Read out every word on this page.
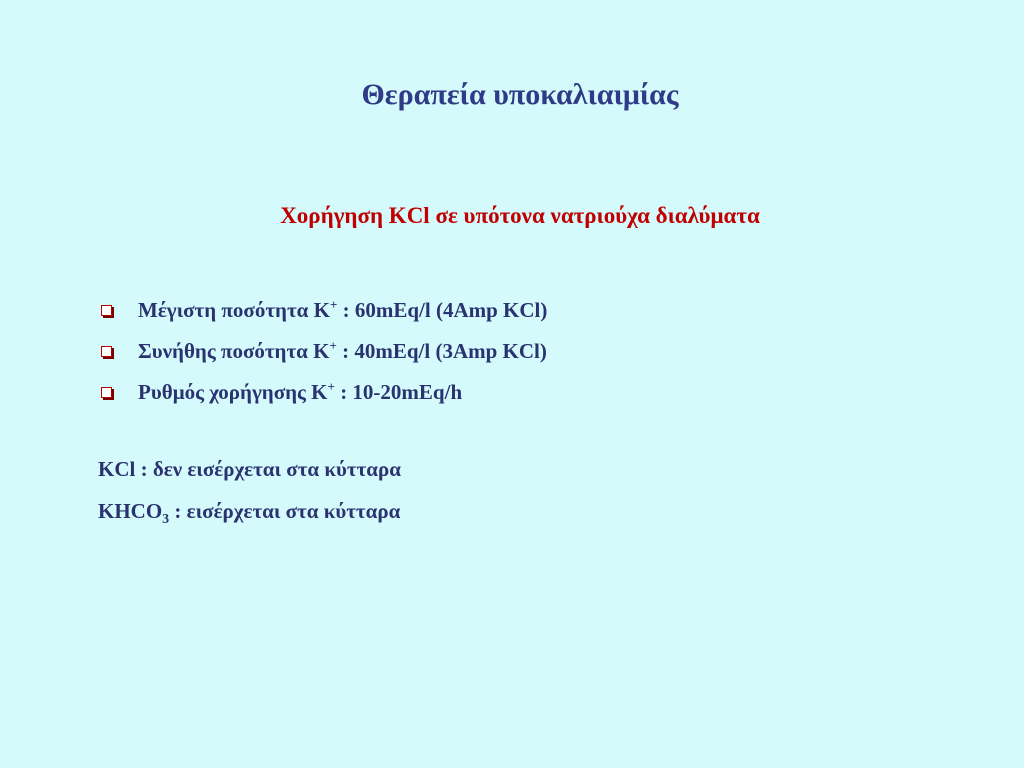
Θεραπεία υποκαλιαιμίας
Χορήγηση KCl σε υπότονα νατριούχα διαλύματα
Μέγιστη ποσότητα K+ : 60mEq/l (4Amp KCl)
Συνήθης ποσότητα K+ : 40mEq/l (3Amp KCl)
Ρυθμός χορήγησης K+ : 10-20mEq/h
KCl : δεν εισέρχεται στα κύτταρα
$KHCO_3$ : εισέρχεται στα κύτταρα
